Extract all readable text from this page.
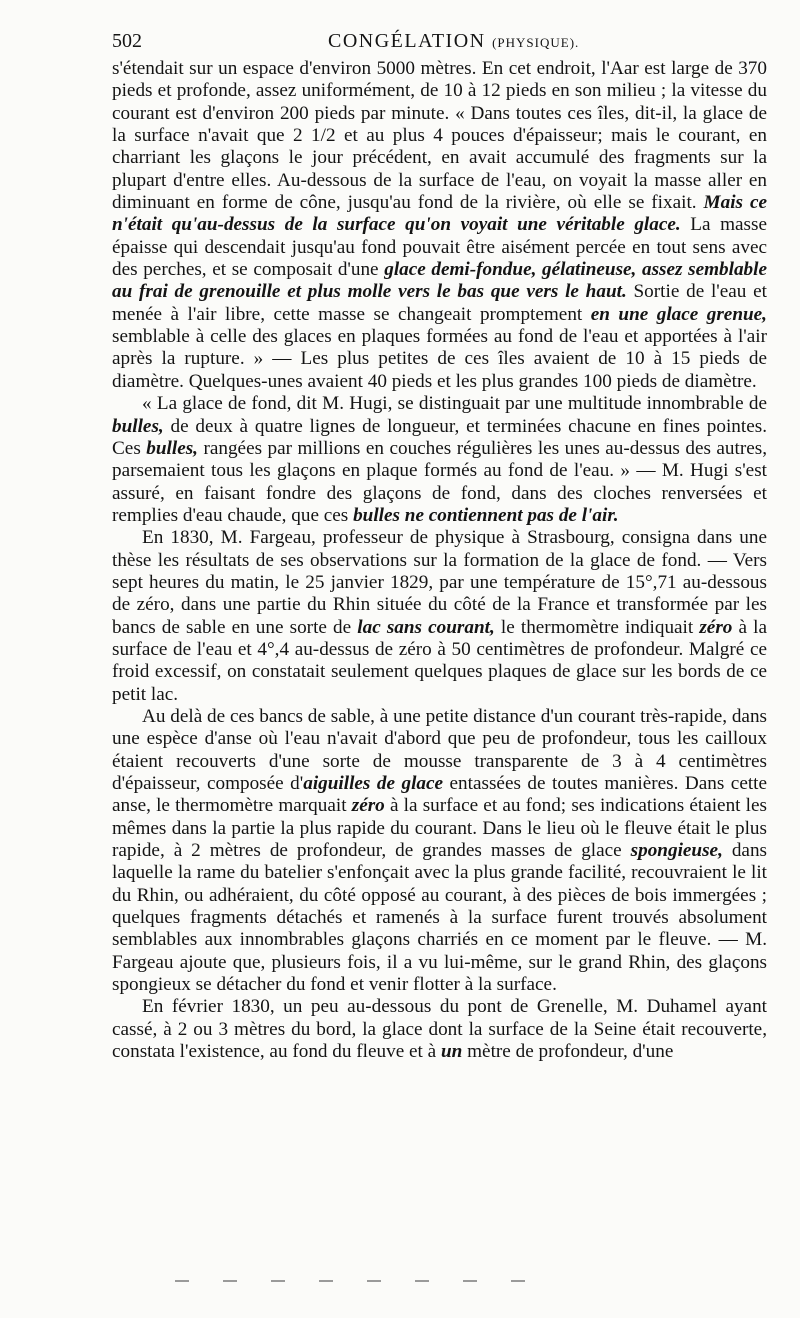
502	CONGÉLATION (PHYSIQUE).

s'étendait sur un espace d'environ 5000 mètres. En cet endroit, l'Aar est large de 370 pieds et profonde, assez uniformément, de 10 à 12 pieds en son milieu ; la vitesse du courant est d'environ 200 pieds par minute. « Dans toutes ces îles, dit-il, la glace de la surface n'avait que 2 1/2 et au plus 4 pouces d'épaisseur; mais le courant, en charriant les glaçons le jour précédent, en avait accumulé des fragments sur la plupart d'entre elles. Au-dessous de la surface de l'eau, on voyait la masse aller en diminuant en forme de cône, jusqu'au fond de la rivière, où elle se fixait. Mais ce n'était qu'au-dessus de la surface qu'on voyait une véritable glace. La masse épaisse qui descendait jusqu'au fond pouvait être aisément percée en tout sens avec des perches, et se composait d'une glace demi-fondue, gélatineuse, assez semblable au frai de grenouille et plus molle vers le bas que vers le haut. Sortie de l'eau et menée à l'air libre, cette masse se changeait promptement en une glace grenue, semblable à celle des glaces en plaques formées au fond de l'eau et apportées à l'air après la rupture. » — Les plus petites de ces îles avaient de 10 à 15 pieds de diamètre. Quelques-unes avaient 40 pieds et les plus grandes 100 pieds de diamètre.

« La glace de fond, dit M. Hugi, se distinguait par une multitude innombrable de bulles, de deux à quatre lignes de longueur, et terminées chacune en fines pointes. Ces bulles, rangées par millions en couches régulières les unes au-dessus des autres, parsemaient tous les glaçons en plaque formés au fond de l'eau. » — M. Hugi s'est assuré, en faisant fondre des glaçons de fond, dans des cloches renversées et remplies d'eau chaude, que ces bulles ne contiennent pas de l'air.

En 1830, M. Fargeau, professeur de physique à Strasbourg, consigna dans une thèse les résultats de ses observations sur la formation de la glace de fond. — Vers sept heures du matin, le 25 janvier 1829, par une température de 15°,71 au-dessous de zéro, dans une partie du Rhin située du côté de la France et transformée par les bancs de sable en une sorte de lac sans courant, le thermomètre indiquait zéro à la surface de l'eau et 4°,4 au-dessus de zéro à 50 centimètres de profondeur. Malgré ce froid excessif, on constatait seulement quelques plaques de glace sur les bords de ce petit lac.

Au delà de ces bancs de sable, à une petite distance d'un courant très-rapide, dans une espèce d'anse où l'eau n'avait d'abord que peu de profondeur, tous les cailloux étaient recouverts d'une sorte de mousse transparente de 3 à 4 centimètres d'épaisseur, composée d'aiguilles de glace entassées de toutes manières. Dans cette anse, le thermomètre marquait zéro à la surface et au fond; ses indications étaient les mêmes dans la partie la plus rapide du courant. Dans le lieu où le fleuve était le plus rapide, à 2 mètres de profondeur, de grandes masses de glace spongieuse, dans laquelle la rame du batelier s'enfonçait avec la plus grande facilité, recouvraient le lit du Rhin, ou adhéraient, du côté opposé au courant, à des pièces de bois immergées ; quelques fragments détachés et ramenés à la surface furent trouvés absolument semblables aux innombrables glaçons charriés en ce moment par le fleuve. — M. Fargeau ajoute que, plusieurs fois, il a vu lui-même, sur le grand Rhin, des glaçons spongieux se détacher du fond et venir flotter à la surface.

En février 1830, un peu au-dessous du pont de Grenelle, M. Duhamel ayant cassé, à 2 ou 3 mètres du bord, la glace dont la surface de la Seine était recouverte, constata l'existence, au fond du fleuve et à un mètre de profondeur, d'une
